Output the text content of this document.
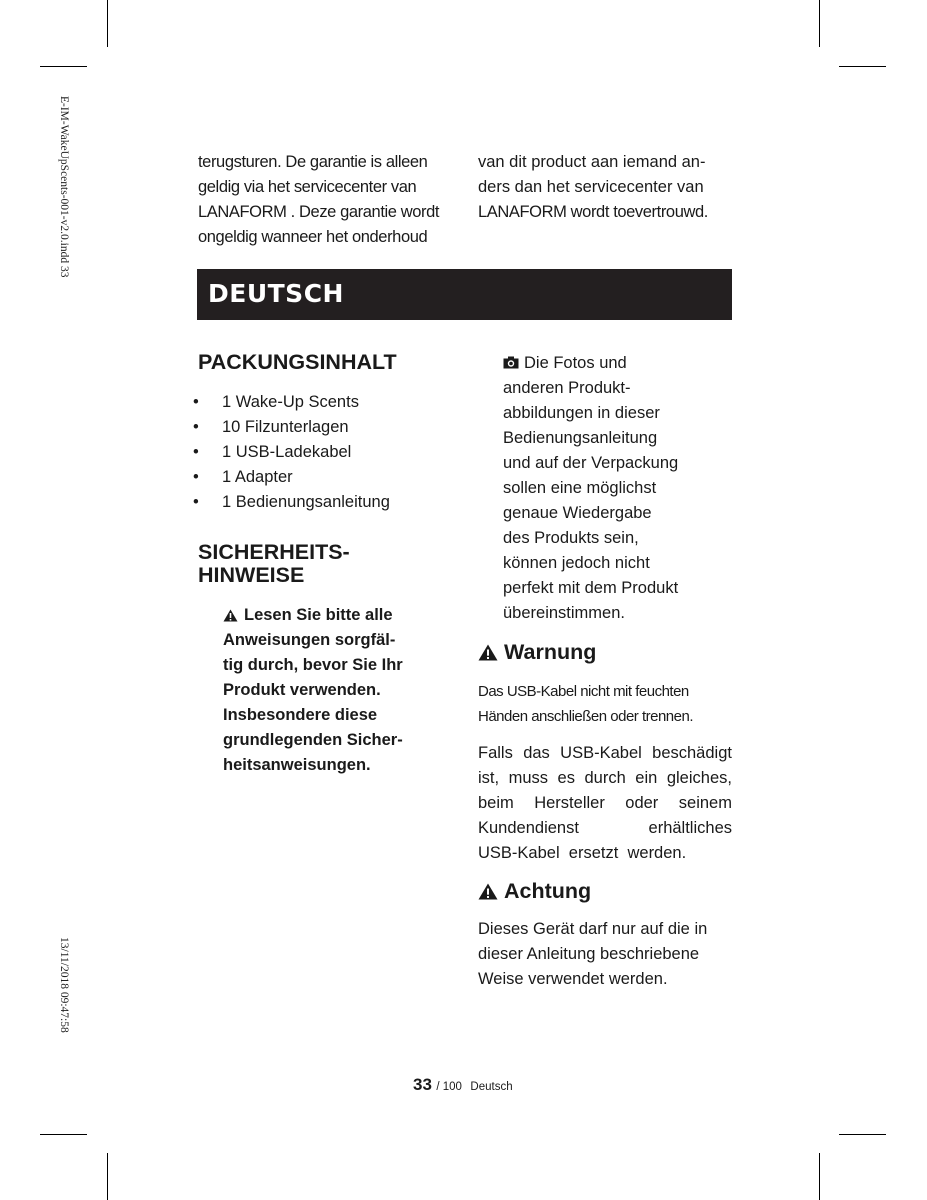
E-IM-WakeUpScents-001-v2.0.indd 33
13/11/2018 09:47:58

terugsturen. De garantie is alleen

geldig via het servicecenter van

LANAFORM . Deze garantie wordt

ongeldig wanneer het onderhoud

van dit product aan iemand an-

ders dan het servicecenter van

LANAFORM wordt toevertrouwd.

DEUTSCH
PACKUNGSINHALT
• 1 Wake-Up Scents
• 10 Filzunterlagen
• 1 USB-Ladekabel
• 1 Adapter
• 1 Bedienungsanleitung
SICHERHEITS-
HINWEISE
Lesen Sie bitte alle
Anweisungen sorgfäl-
tig durch, bevor Sie Ihr
Produkt verwenden.
Insbesondere diese
grundlegenden Sicher-
heitsanweisungen.
Die Fotos und
anderen Produkt-
abbildungen in dieser
Bedienungsanleitung
und auf der Verpackung
sollen eine möglichst
genaue Wiedergabe
des Produkts sein,
können jedoch nicht
perfekt mit dem Produkt
übereinstimmen.
Warnung
Das USB-Kabel nicht mit feuchten
Händen anschließen oder trennen.
Falls das USB-Kabel beschädigt
ist, muss es durch ein gleiches,
beim Hersteller oder seinem
Kundendienst	erhältliches
USB-Kabel  ersetzt  werden.
Achtung
Dieses Gerät darf nur auf die in
dieser Anleitung beschriebene
Weise verwendet werden.
33 / 100 Deutsch
